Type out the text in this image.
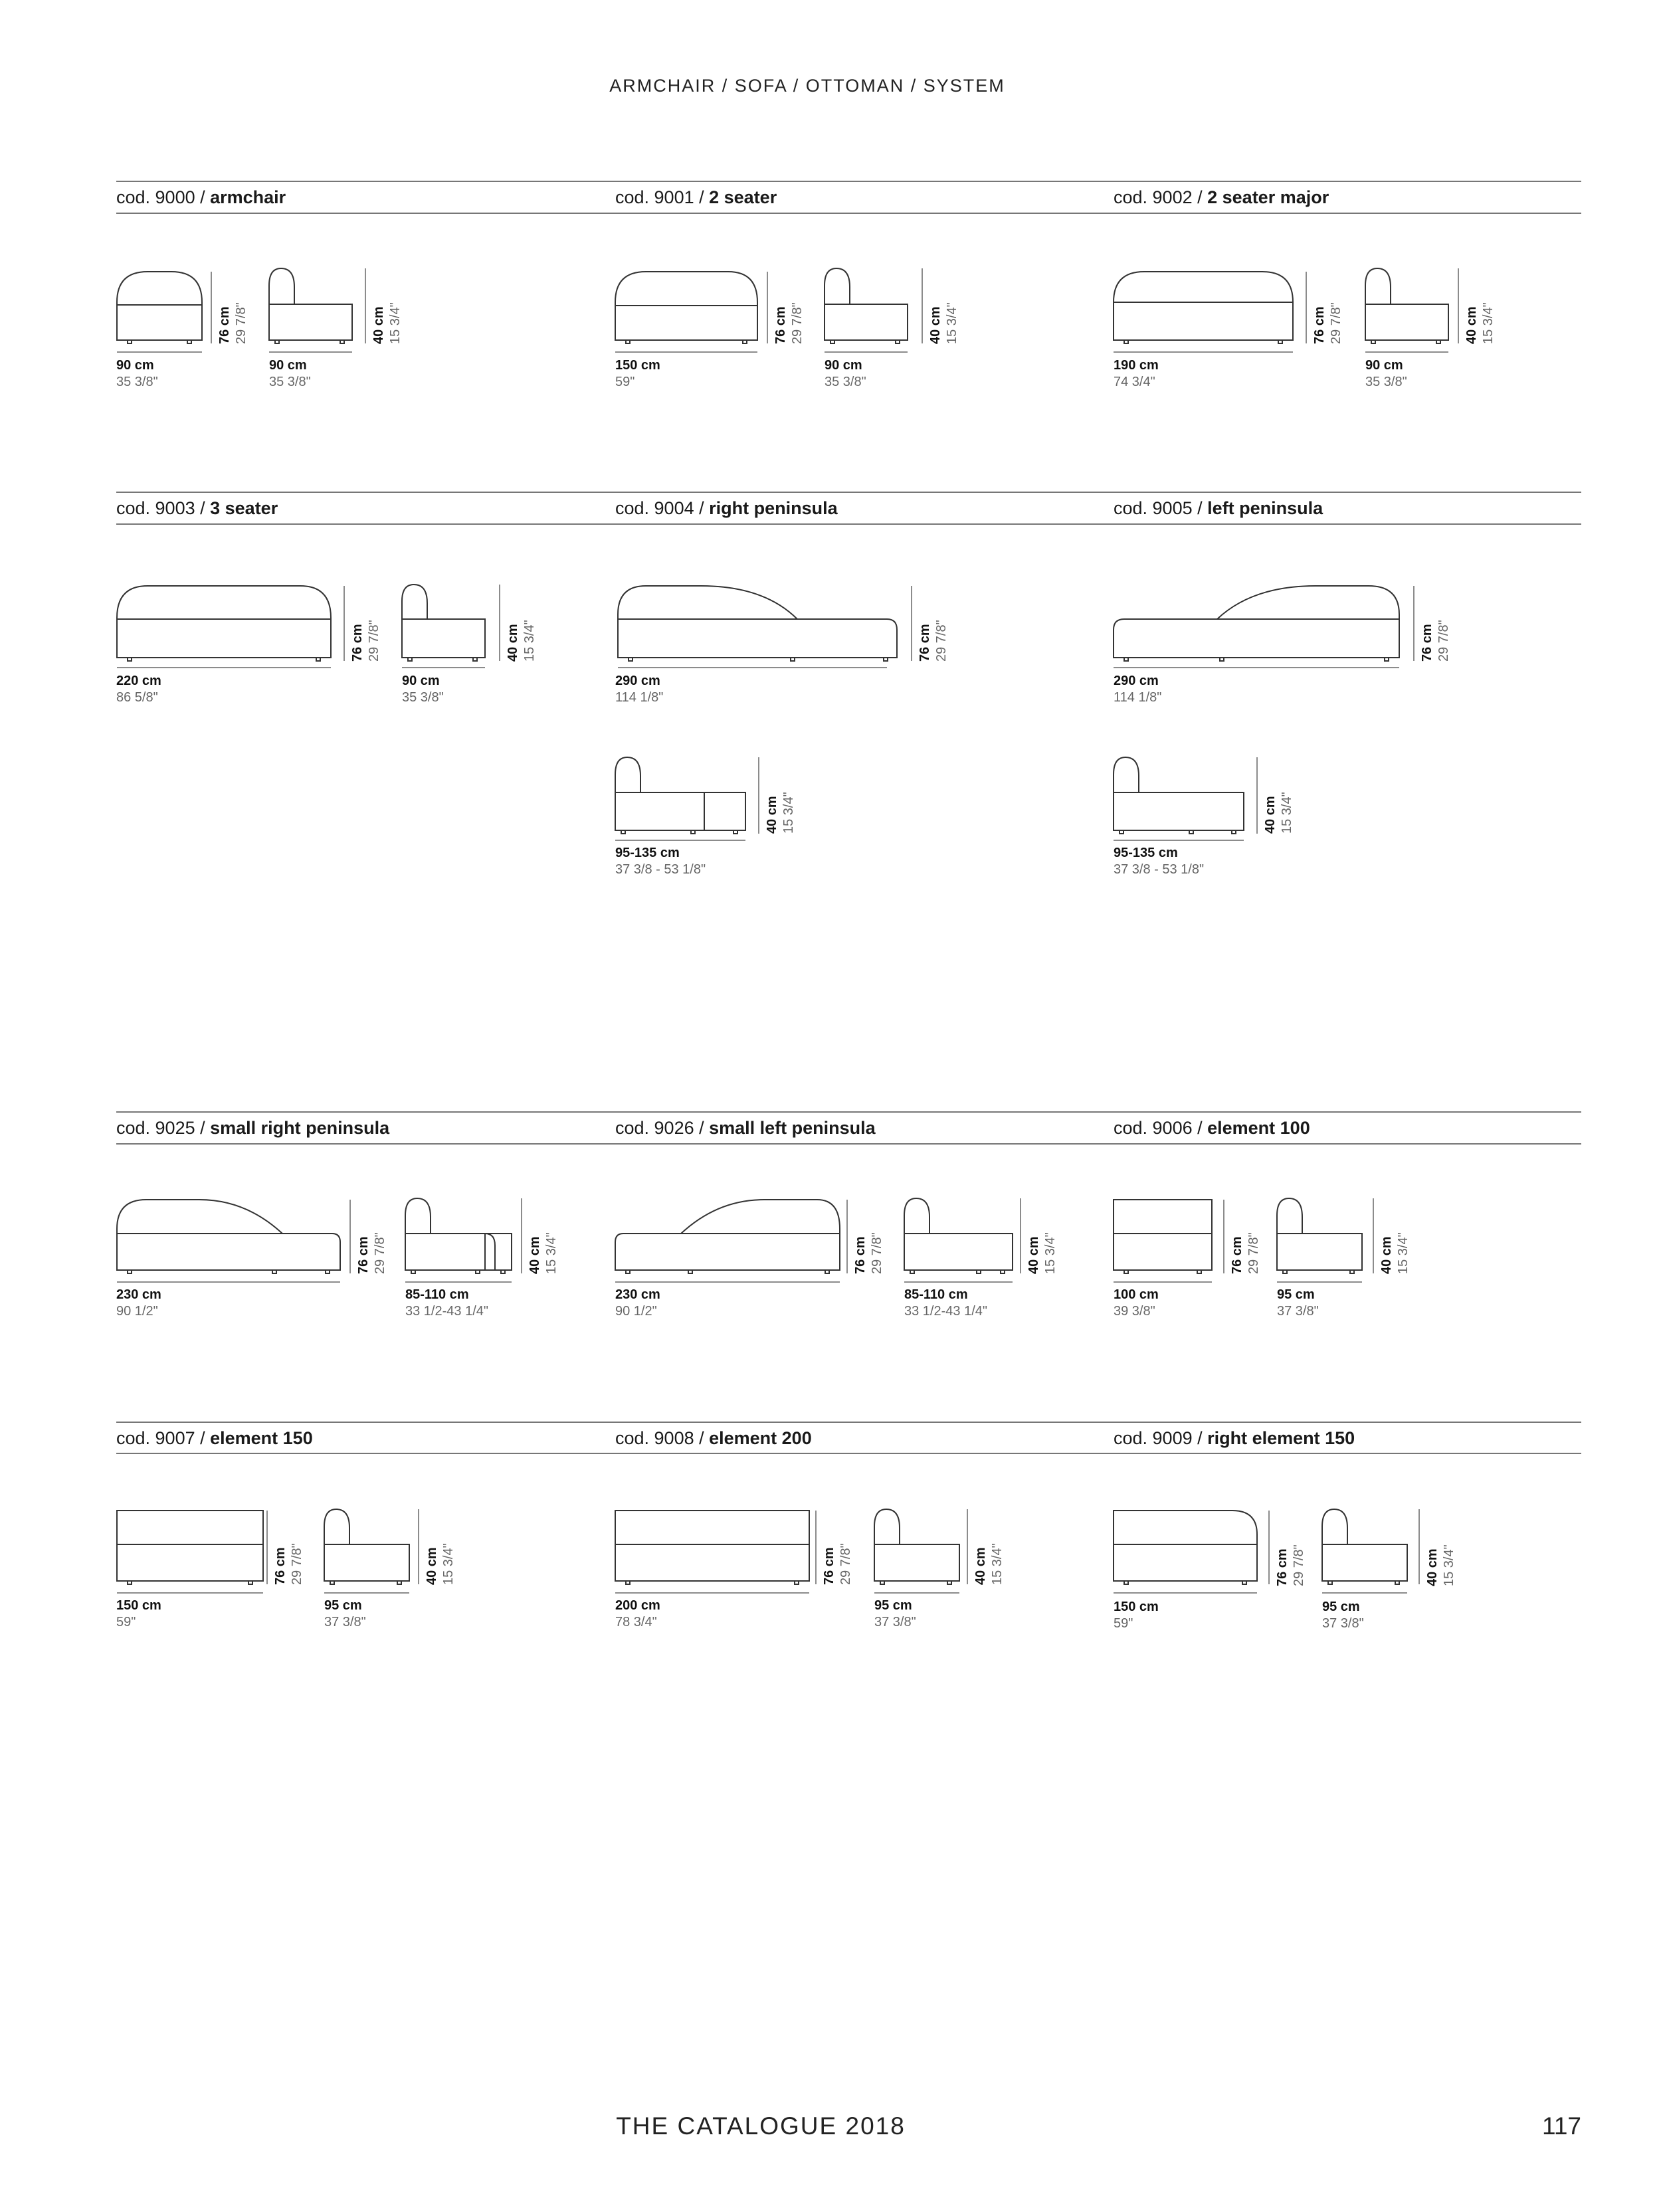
ARMCHAIR / SOFA / OTTOMAN / SYSTEM
cod. 9000 / armchair
90 cm
35 3/8"
76 cm 29 7/8"
90 cm
35 3/8"
40 cm 15 3/4"
cod. 9001 / 2 seater
150 cm
59"
76 cm 29 7/8"
90 cm
35 3/8"
40 cm 15 3/4"
cod. 9002 / 2 seater major
190 cm
74 3/4"
76 cm 29 7/8"
90 cm
35 3/8"
40 cm 15 3/4"
cod. 9003 / 3 seater
220 cm
86 5/8"
76 cm 29 7/8"
90 cm
35 3/8"
40 cm 15 3/4"
cod. 9004 / right peninsula
290 cm
114 1/8"
76 cm 29 7/8"
95-135 cm
37 3/8 - 53 1/8"
40 cm 15 3/4"
cod. 9005 / left peninsula
290 cm
114 1/8"
76 cm 29 7/8"
95-135 cm
37 3/8 - 53 1/8"
40 cm 15 3/4"
cod. 9025 / small right peninsula
230 cm
90 1/2"
76 cm 29 7/8"
85-110 cm
33 1/2-43 1/4"
40 cm 15 3/4"
cod. 9026 / small left peninsula
230 cm
90 1/2"
76 cm 29 7/8"
85-110 cm
33 1/2-43 1/4"
40 cm 15 3/4"
cod. 9006 / element 100
100 cm
39 3/8"
76 cm 29 7/8"
95 cm
37 3/8"
40 cm 15 3/4"
cod. 9007 / element 150
150 cm
59"
76 cm 29 7/8"
95 cm
37 3/8"
40 cm 15 3/4"
cod. 9008 / element 200
200 cm
78 3/4"
76 cm 29 7/8"
95 cm
37 3/8"
40 cm 15 3/4"
cod. 9009 / right element 150
150 cm
59"
76 cm 29 7/8"
95 cm
37 3/8"
40 cm 15 3/4"
THE CATALOGUE 2018	117
